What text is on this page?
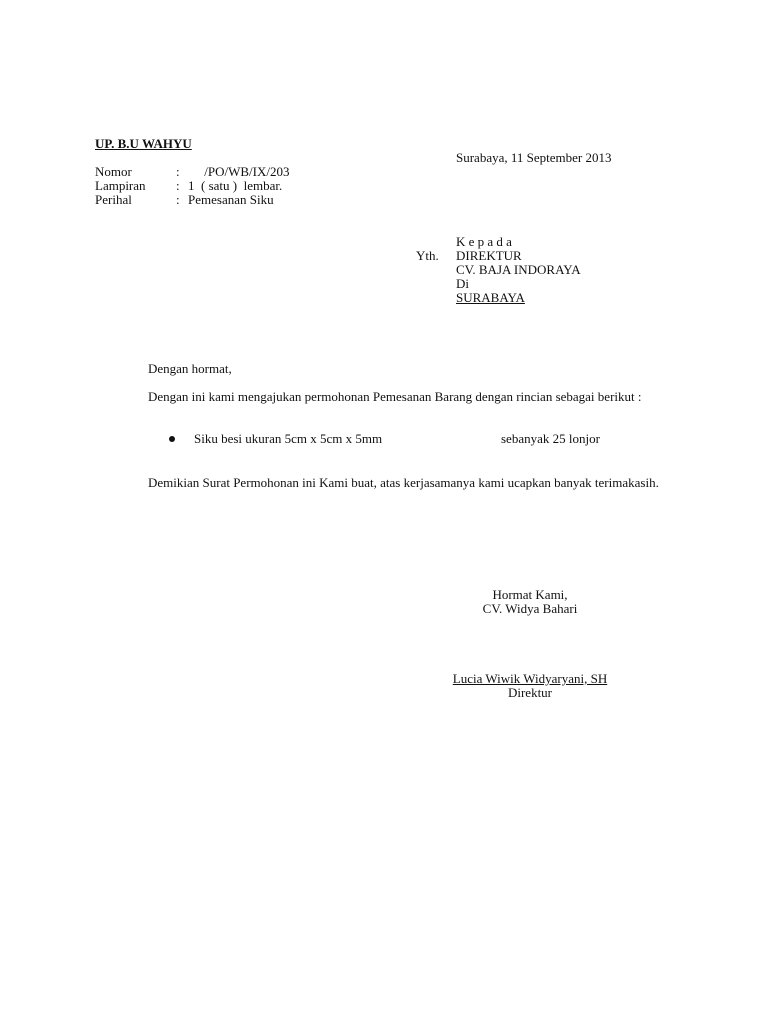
UP. B.U WAHYU
Surabaya, 11 September 2013
Nomor	: /PO/WB/IX/203
Lampiran : 1  ( satu )  lembar.
Perihal	: Pemesanan Siku
Yth.
K e p a d a
DIREKTUR
CV. BAJA INDORAYA
Di
SURABAYA
Dengan hormat,
Dengan ini kami mengajukan permohonan Pemesanan Barang dengan rincian sebagai berikut :
Siku besi ukuran 5cm x 5cm x 5mm	sebanyak 25 lonjor
Demikian Surat Permohonan ini Kami buat, atas kerjasamanya kami ucapkan banyak terimakasih.
Hormat Kami,
CV. Widya Bahari
Lucia Wiwik Widyaryani, SH
Direktur
